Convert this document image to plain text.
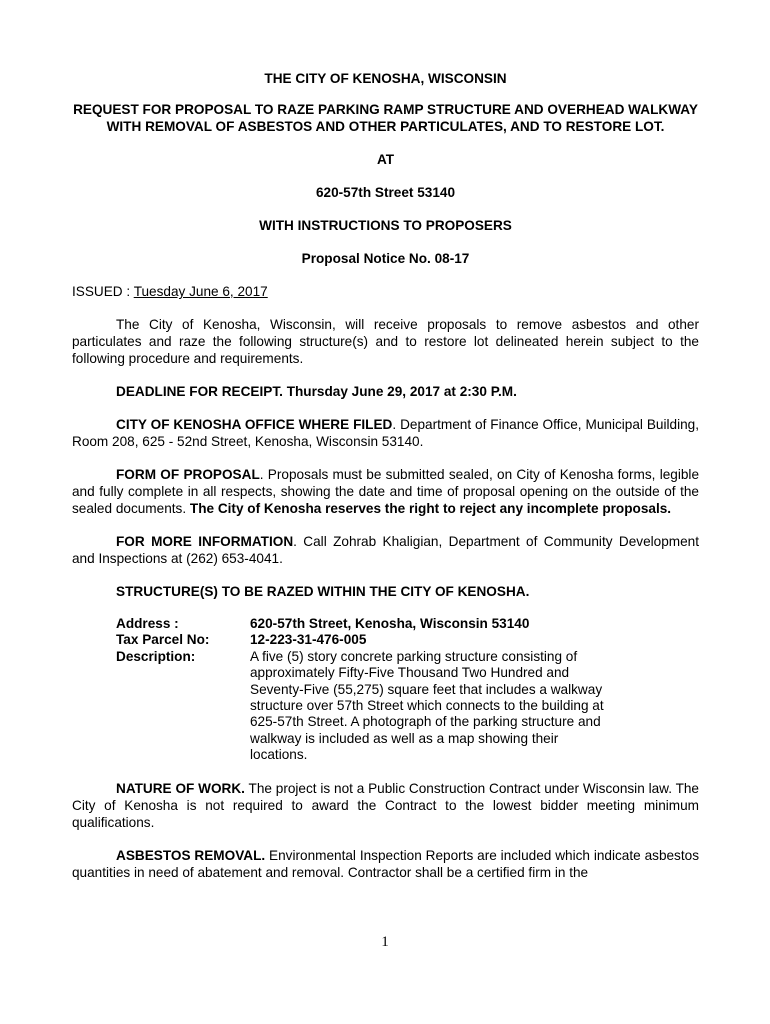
THE CITY OF KENOSHA, WISCONSIN

REQUEST FOR PROPOSAL TO RAZE PARKING RAMP STRUCTURE AND OVERHEAD WALKWAY WITH REMOVAL OF ASBESTOS AND OTHER PARTICULATES, AND TO RESTORE LOT.

AT

620-57th Street 53140

WITH INSTRUCTIONS TO PROPOSERS

Proposal Notice No. 08-17

ISSUED : Tuesday June 6, 2017

The City of Kenosha, Wisconsin, will receive proposals to remove asbestos and other particulates and raze the following structure(s) and to restore lot delineated herein subject to the following procedure and requirements.

DEADLINE FOR RECEIPT. Thursday June 29, 2017 at 2:30 P.M.

CITY OF KENOSHA OFFICE WHERE FILED. Department of Finance Office, Municipal Building, Room 208, 625 - 52nd Street, Kenosha, Wisconsin 53140.

FORM OF PROPOSAL. Proposals must be submitted sealed, on City of Kenosha forms, legible and fully complete in all respects, showing the date and time of proposal opening on the outside of the sealed documents. The City of Kenosha reserves the right to reject any incomplete proposals.

FOR MORE INFORMATION. Call Zohrab Khaligian, Department of Community Development and Inspections at (262) 653-4041.

STRUCTURE(S) TO BE RAZED WITHIN THE CITY OF KENOSHA.

Address :	620-57th Street, Kenosha, Wisconsin 53140
Tax Parcel No:	12-223-31-476-005
Description:	A five (5) story concrete parking structure consisting of approximately Fifty-Five Thousand Two Hundred and Seventy-Five (55,275) square feet that includes a walkway structure over 57th Street which connects to the building at 625-57th Street. A photograph of the parking structure and walkway is included as well as a map showing their locations.

NATURE OF WORK. The project is not a Public Construction Contract under Wisconsin law. The City of Kenosha is not required to award the Contract to the lowest bidder meeting minimum qualifications.

ASBESTOS REMOVAL. Environmental Inspection Reports are included which indicate asbestos quantities in need of abatement and removal. Contractor shall be a certified firm in the

1
